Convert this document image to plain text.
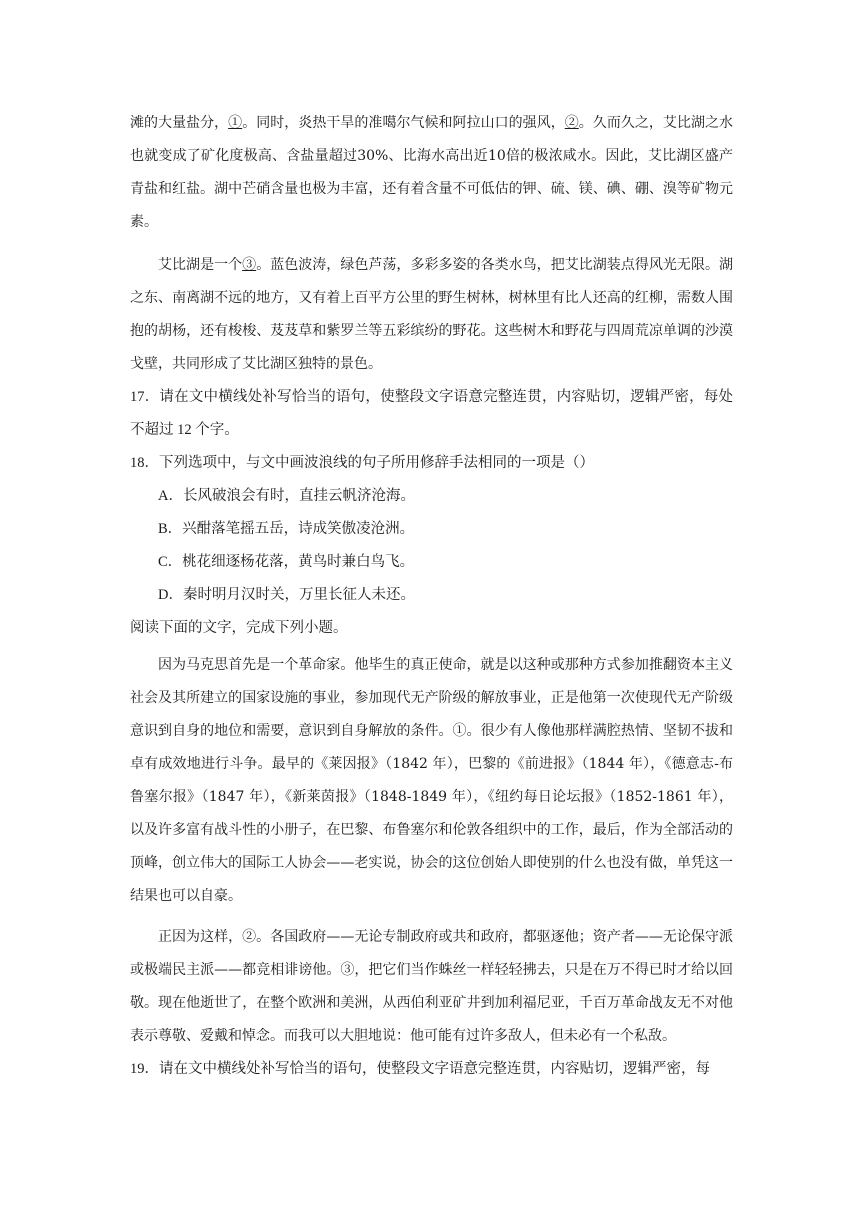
滩的大量盐分，①。同时，炎热干旱的准噶尔气候和阿拉山口的强风，②。久而久之，艾比湖之水也就变成了矿化度极高、含盐量超过30%、比海水高出近10倍的极浓咸水。因此，艾比湖区盛产青盐和红盐。湖中芒硝含量也极为丰富，还有着含量不可低估的钾、硫、镁、碘、硼、溴等矿物元素。

艾比湖是一个③。蓝色波涛，绿色芦荡，多彩多姿的各类水鸟，把艾比湖装点得风光无限。湖之东、南离湖不远的地方，又有着上百平方公里的野生树林，树林里有比人还高的红柳，需数人围抱的胡杨，还有梭梭、芨芨草和紫罗兰等五彩缤纷的野花。这些树木和野花与四周荒凉单调的沙漠戈壁，共同形成了艾比湖区独特的景色。

17．请在文中横线处补写恰当的语句，使整段文字语意完整连贯，内容贴切，逻辑严密，每处不超过 12 个字。

18．下列选项中，与文中画波浪线的句子所用修辞手法相同的一项是（）

A．长风破浪会有时，直挂云帆济沧海。

B．兴酣落笔摇五岳，诗成笑傲凌沧洲。

C．桃花细逐杨花落，黄鸟时兼白鸟飞。

D．秦时明月汉时关，万里长征人未还。

阅读下面的文字，完成下列小题。

因为马克思首先是一个革命家。他毕生的真正使命，就是以这种或那种方式参加推翻资本主义社会及其所建立的国家设施的事业，参加现代无产阶级的解放事业，正是他第一次使现代无产阶级意识到自身的地位和需要，意识到自身解放的条件。①。很少有人像他那样满腔热情、坚韧不拔和卓有成效地进行斗争。最早的《莱因报》（1842 年），巴黎的《前进报》（1844 年），《德意志-布鲁塞尔报》（1847 年），《新莱茵报》（1848-1849 年），《纽约每日论坛报》（1852-1861 年），以及许多富有战斗性的小册子，在巴黎、布鲁塞尔和伦敦各组织中的工作，最后，作为全部活动的顶峰，创立伟大的国际工人协会——老实说，协会的这位创始人即使别的什么也没有做，单凭这一结果也可以自豪。

正因为这样，②。各国政府——无论专制政府或共和政府，都驱逐他；资产者——无论保守派或极端民主派——都竞相诽谤他。③，把它们当作蛛丝一样轻轻拂去，只是在万不得已时才给以回敬。现在他逝世了，在整个欧洲和美洲，从西伯利亚矿井到加利福尼亚，千百万革命战友无不对他表示尊敬、爱戴和悼念。而我可以大胆地说：他可能有过许多敌人，但未必有一个私敌。

19．请在文中横线处补写恰当的语句，使整段文字语意完整连贯，内容贴切，逻辑严密，每
